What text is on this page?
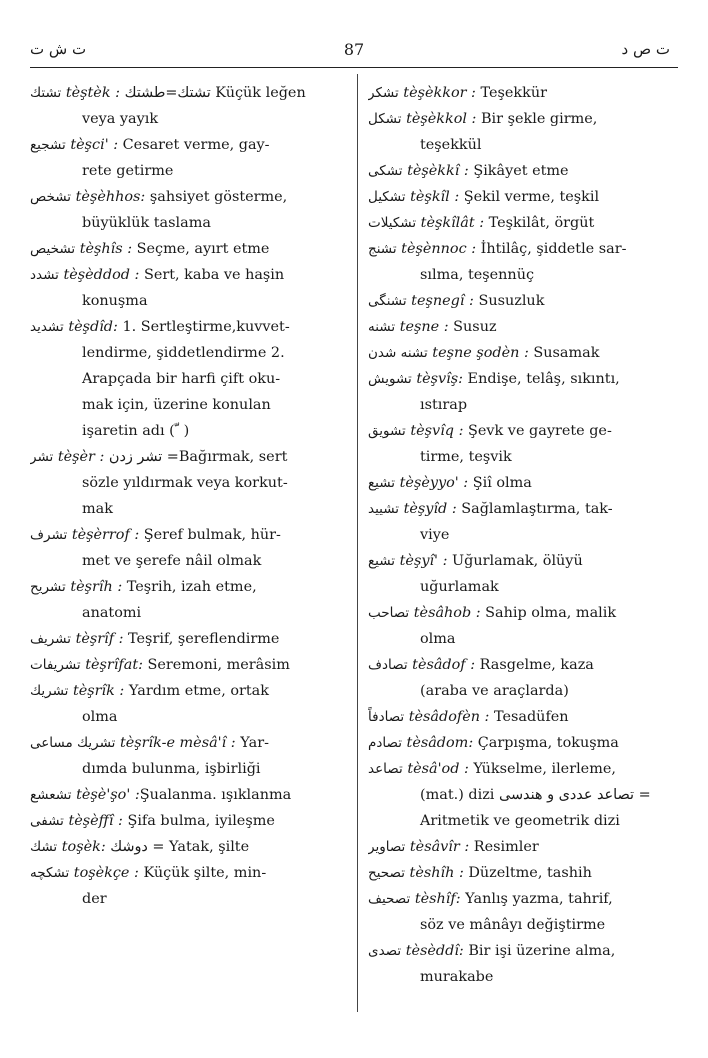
ت ش ت	87	ت ص د
تشتك tèştèk : تشتك=طشتك Küçük leğen
veya yayık
تشجيع tèşci' : Cesaret verme, gay-
rete getirme
تشخص tèşèhhos: şahsiyet gösterme,
büyüklük taslama
تشخيص tèşhîs : Seçme, ayırt etme
تشدد tèşèddod : Sert, kaba ve haşin
konuşma
تشديد tèşdîd: 1. Sertleştirme,kuvvet-
lendirme, şiddetlendirme 2.
Arapçada bir harfi çift oku-
mak için, üzerine konulan
işaretin adı ( ّ )
تشر tèşèr : تشر زدن =Bağırmak, sert
sözle yıldırmak veya korkut-
mak
تشرف tèşèrrof : Şeref bulmak, hür-
met ve şerefe nâil olmak
تشريح tèşrîh : Teşrih, izah etme,
anatomi
تشريف tèşrîf : Teşrif, şereflendirme
تشريفات tèşrîfat: Seremoni, merâsim
تشريك tèşrîk : Yardım etme, ortak
olma
تشريك مساعى tèşrîk-e mèsâ'î : Yar-
dımda bulunma, işbirliği
تشعشع tèşè'şo' :Şualanma. ışıklanma
تشفى tèşèffî : Şifa bulma, iyileşme
تشك toşèk: دوشك = Yatak, şilte
تشكچه toşèkçe : Küçük şilte, min-
der
تشكر tèşèkkor : Teşekkür
تشكل tèşèkkol : Bir şekle girme,
teşekkül
تشكى tèşèkkî : Şikâyet etme
تشكيل tèşkîl : Şekil verme, teşkil
تشكيلات tèşkîlât : Teşkilât, örgüt
تشنج tèşènnoc : İhtilâç, şiddetle sar-
sılma, teşennüç
تشنگى teşnegî : Susuzluk
تشنه teşne : Susuz
تشنه شدن teşne şodèn : Susamak
تشويش tèşvîş: Endişe, telâş, sıkıntı,
ıstırap
تشويق tèşvîq : Şevk ve gayrete ge-
tirme, teşvik
تشيع tèşèyyo' : Şiî olma
تشييد tèşyîd : Sağlamlaştırma, tak-
viye
تشيع tèşyî' : Uğurlamak, ölüyü
uğurlamak
تصاحب tèsâhob : Sahip olma, malik
olma
تصادف tèsâdof : Rasgelme, kaza
(araba ve araçlarda)
تصادفاً tèsâdofèn : Tesadüfen
تصادم tèsâdom: Çarpışma, tokuşma
تصاعد tèsâ'od : Yükselme, ilerleme,
(mat.) dizi تصاعد عددى و هندسى =
Aritmetik ve geometrik dizi
تصاوير tèsâvîr : Resimler
تصحيح tèshîh : Düzeltme, tashih
تصحيف tèshîf: Yanlış yazma, tahrif,
söz ve mânâyı değiştirme
تصدى tèsèddî: Bir işi üzerine alma,
murakabe
